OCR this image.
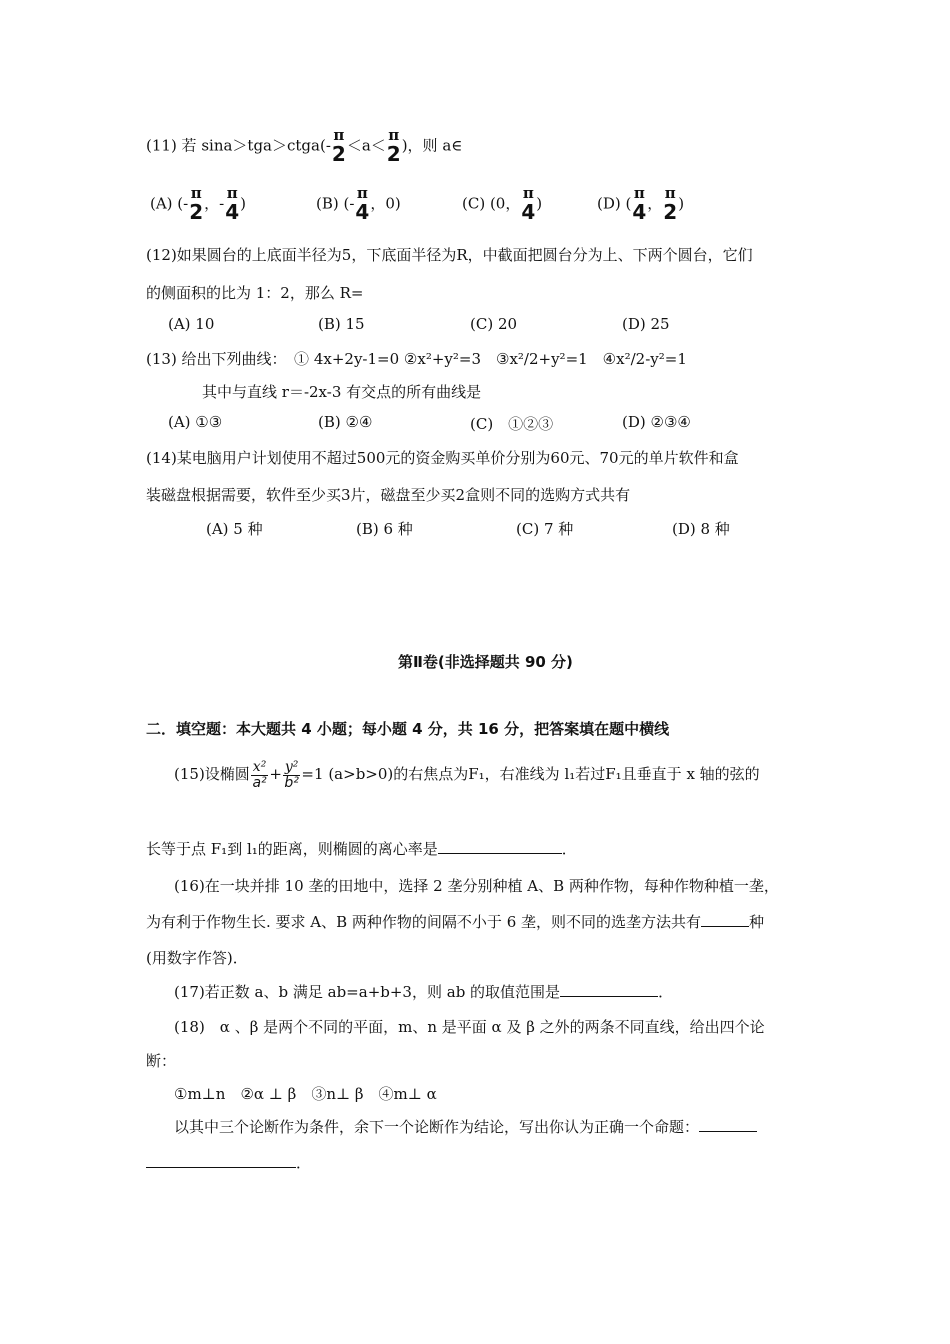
(11) 若 sina＞tga＞ctga(-
π
2 ＜a＜
π
2 )，则 a∈
(A) (-
π
2 ，-
π
4 )	(B) (-
π
4 ，0)	(C) (0，
π
4 )	(D) (
π
4 ，
π
2 )
(12)如果圆台的上底面半径为5，下底面半径为R，中截面把圆台分为上、下两个圆台，它们
的侧面积的比为 1：2，那么 R=
(A) 10	(B) 15	(C) 20	(D) 25
(13) 给出下列曲线：　① 4x+2y-1=0 ②x²+y²=3　③x²/2+y²=1　④x²/2-y²=1
其中与直线 r＝-2x-3 有交点的所有曲线是
(A) ①③	(B) ②④	(C)　①②③	(D) ②③④
(14)某电脑用户计划使用不超过500元的资金购买单价分别为60元、70元的单片软件和盒
装磁盘根据需要，软件至少买3片，磁盘至少买2盒则不同的选购方式共有
(A) 5 种	(B) 6 种	(C) 7 种	(D) 8 种
第Ⅱ卷(非选择题共 90 分)
二．填空题：本大题共 4 小题；每小题 4 分，共 16 分，把答案填在题中横线
(15)设椭圆 $\frac{\text{x²}}{\text{a²}} + \frac{\text{y²}}{\text{b²}} =1$ (a>b>0)的右焦点为F₁，右准线为 l₁若过F₁且垂直于 x 轴的弦的
长等于点 F₁到 l₁的距离，则椭圆的离心率是	．
(16)在一块并排 10 垄的田地中，选择 2 垄分别种植 A、B 两种作物，每种作物种植一垄，
为有利于作物生长. 要求 A、B 两种作物的间隔不小于 6 垄，则不同的选垄方法共有	种
(用数字作答)．
(17)若正数 a、b 满足 ab=a+b+3，则 ab 的取值范围是	．
(18)　α 、β 是两个不同的平面，m、n 是平面 α 及 β 之外的两条不同直线，给出四个论
断：
①m⊥n　②α ⊥ β　③n⊥ β　④m⊥ α
以其中三个论断作为条件，余下一个论断作为结论，写出你认为正确一个命题：
．
